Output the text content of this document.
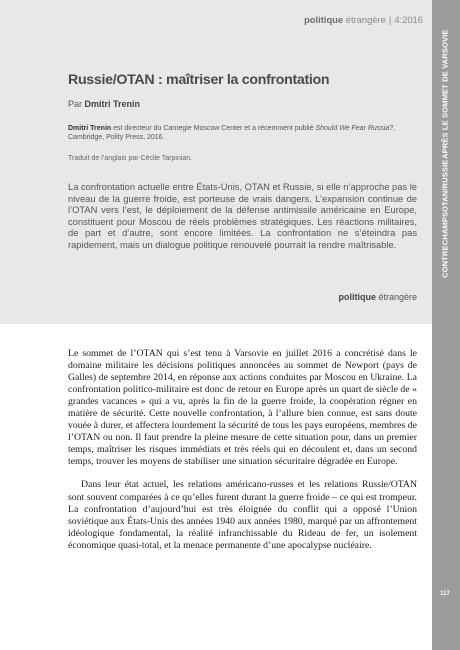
CONTRECHAMPS
OTAN/RUSSIE
APRÈS LE SOMMET DE VARSOVIE
117
politique étrangère | 4:2016
Russie/OTAN : maîtriser la confrontation
Par Dmitri Trenin
Dmitri Trenin est directeur du Carnegie Moscow Center et a récemment publié Should We Fear Russia?, Cambridge, Polity Press, 2016.
Traduit de l’anglais par Cécile Tarpinian.
La confrontation actuelle entre États-Unis, OTAN et Russie, si elle n’approche pas le niveau de la guerre froide, est porteuse de vrais dangers. L’expansion continue de l’OTAN vers l’est, le déploiement de la défense antimissile américaine en Europe, constituent pour Moscou de réels problèmes stratégiques. Les réactions militaires, de part et d’autre, sont encore limitées. La confrontation ne s’éteindra pas rapidement, mais un dialogue politique renouvelé pourrait la rendre maîtrisable.
politique étrangère

Le sommet de l’OTAN qui s’est tenu à Varsovie en juillet 2016 a concrétisé dans le domaine militaire les décisions politiques annoncées au sommet de Newport (pays de Galles) de septembre 2014, en réponse aux actions conduites par Moscou en Ukraine. La confrontation politico-militaire est donc de retour en Europe après un quart de siècle de « grandes vacances » qui a vu, après la fin de la guerre froide, la coopération régner en matière de sécurité. Cette nouvelle confrontation, à l’allure bien connue, est sans doute vouée à durer, et affectera lourdement la sécurité de tous les pays européens, membres de l’OTAN ou non. Il faut prendre la pleine mesure de cette situation pour, dans un premier temps, maîtriser les risques immédiats et très réels qui en découlent et, dans un second temps, trouver les moyens de stabiliser une situation sécuritaire dégradée en Europe.

Dans leur état actuel, les relations américano-russes et les relations Russie/OTAN sont souvent comparées à ce qu’elles furent durant la guerre froide – ce qui est trompeur. La confrontation d’aujourd’hui est très éloignée du conflit qui a opposé l’Union soviétique aux États-Unis des années 1940 aux années 1980, marqué par un affrontement idéologique fondamental, la réalité infranchissable du Rideau de fer, un isolement économique quasi-total, et la menace permanente d’une apocalypse nucléaire.
